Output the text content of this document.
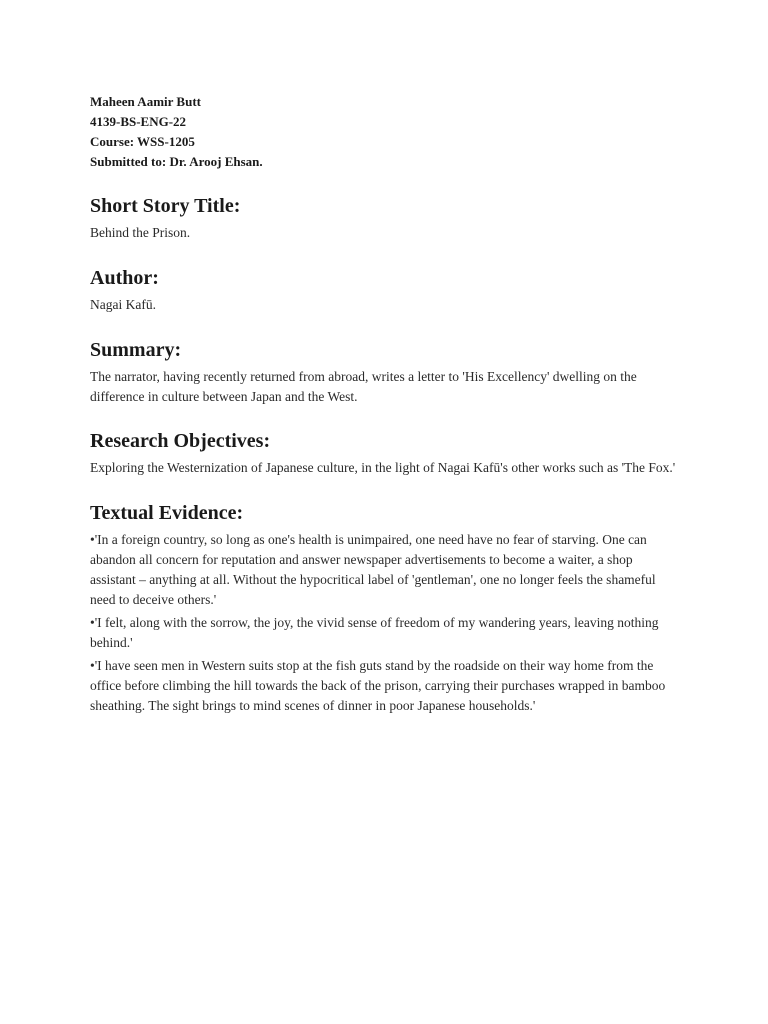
Maheen Aamir Butt
4139-BS-ENG-22
Course: WSS-1205
Submitted to: Dr. Arooj Ehsan.
Short Story Title:

Behind the Prison.

Author:

Nagai Kafū.

Summary:

The narrator, having recently returned from abroad, writes a letter to 'His Excellency' dwelling on the difference in culture between Japan and the West.

Research Objectives:

Exploring the Westernization of Japanese culture, in the light of Nagai Kafū's other works such as 'The Fox.'

Textual Evidence:
•'In a foreign country, so long as one's health is unimpaired, one need have no fear of starving. One can abandon all concern for reputation and answer newspaper advertisements to become a waiter, a shop assistant – anything at all. Without the hypocritical label of 'gentleman', one no longer feels the shameful need to deceive others.'
•'I felt, along with the sorrow, the joy, the vivid sense of freedom of my wandering years, leaving nothing behind.'
•'I have seen men in Western suits stop at the fish guts stand by the roadside on their way home from the office before climbing the hill towards the back of the prison, carrying their purchases wrapped in bamboo sheathing. The sight brings to mind scenes of dinner in poor Japanese households.'
